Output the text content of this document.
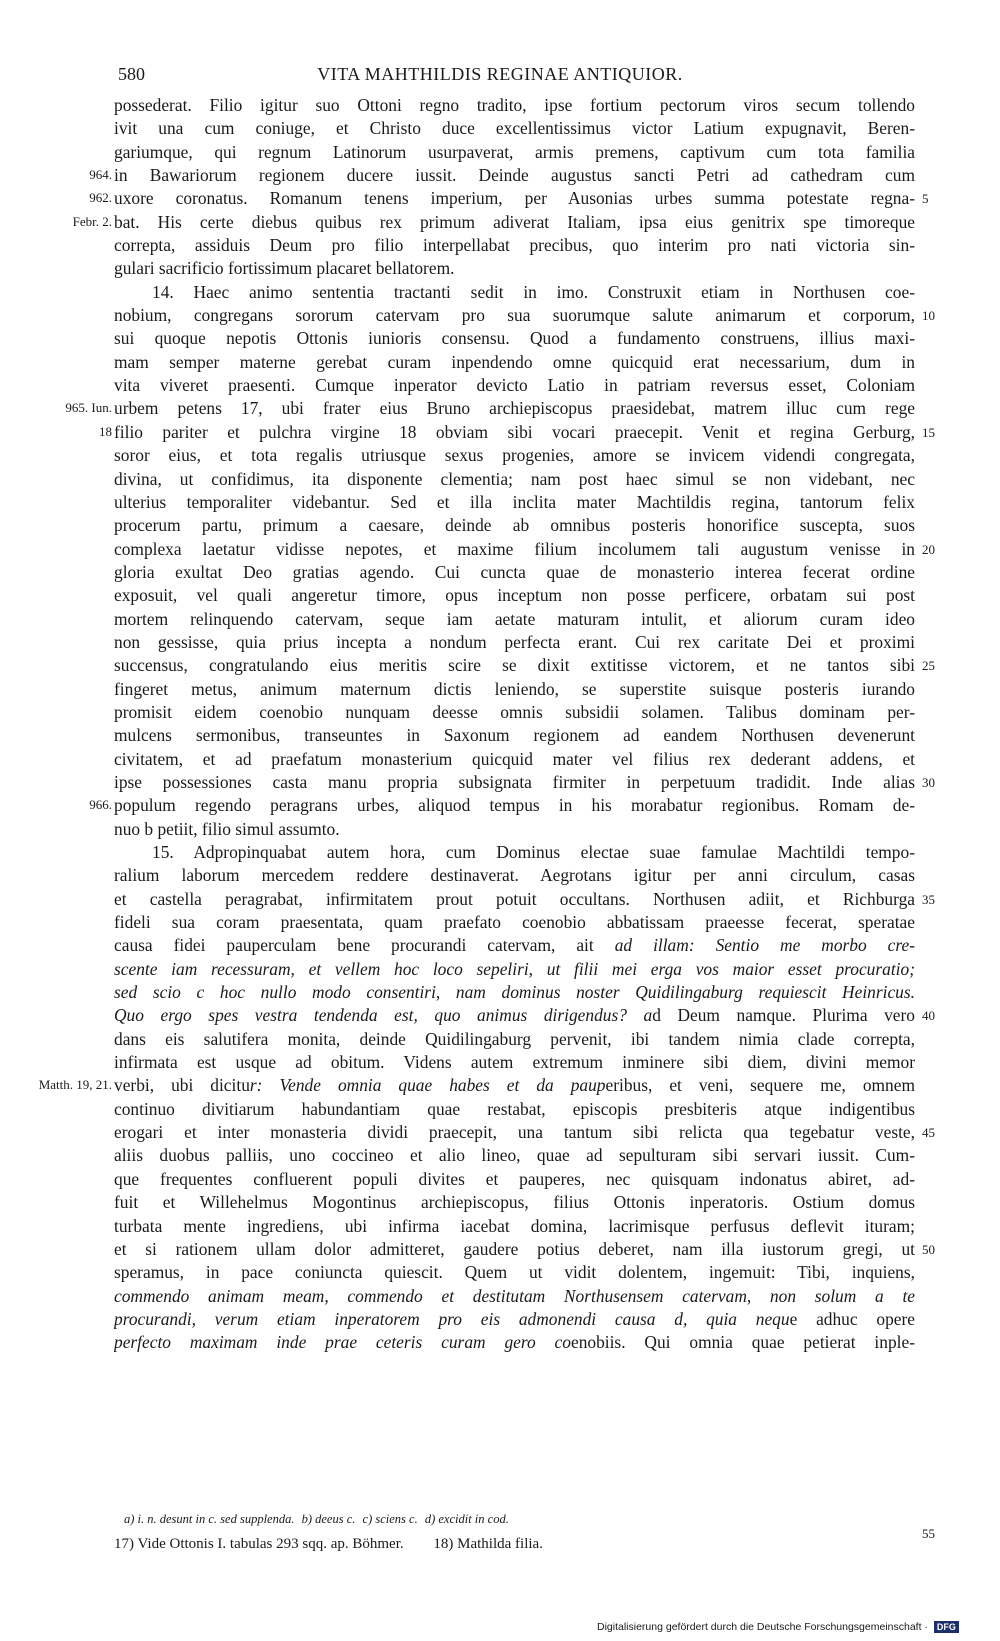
580	VITA MAHTHILDIS REGINAE ANTIQUIOR.
possederat. Filio igitur suo Ottoni regno tradito, ipse fortium pectorum viros secum tollendo
ivit una cum coniuge, et Christo duce excellentissimus victor Latium expugnavit, Beren-
gariumque, qui regnum Latinorum usurpaverat, armis premens, captivum cum tota familia
964. in Bawariorum regionem ducere iussit. Deinde augustus sancti Petri ad cathedram cum
962. uxore coronatus. Romanum tenens imperium, per Ausonias urbes summa potestate regna- 5
Febr. 2. bat. His certe diebus quibus rex primum adiverat Italiam, ipsa eius genitrix spe timoreque
correpta, assiduis Deum pro filio interpellabat precibus, quo interim pro nati victoria sin-
gulari sacrificio fortissimum placaret bellatorem.
14. Haec animo sententia tractanti sedit in imo. Construxit etiam in Northusen coe-
nobium, congregans sororum catervam pro sua suorumque salute animarum et corporum, 10
sui quoque nepotis Ottonis iunioris consensu. Quod a fundamento construens, illius maxi-
mam semper materne gerebat curam inpendendo omne quicquid erat necessarium, dum in
vita viveret praesenti. Cumque inperator devicto Latio in patriam reversus esset, Coloniam
965. Iun. urbem petens 17, ubi frater eius Bruno archiepiscopus praesidebat, matrem illuc cum rege
18 filio pariter et pulchra virgine 18 obviam sibi vocari praecepit. Venit et regina Gerburg, 15
soror eius, et tota regalis utriusque sexus progenies, amore se invicem videndi congregata,
divina, ut confidimus, ita disponente clementia; nam post haec simul se non videbant, nec
ulterius temporaliter videbantur. Sed et illa inclita mater Machtildis regina, tantorum felix
procerum partu, primum a caesare, deinde ab omnibus posteris honorifice suscepta, suos
complexa laetatur vidisse nepotes, et maxime filium incolumem tali augustum venisse in 20
gloria exultat Deo gratias agendo. Cui cuncta quae de monasterio interea fecerat ordine
exposuit, vel quali angeretur timore, opus inceptum non posse perficere, orbatam sui post
mortem relinquendo catervam, seque iam aetate maturam intulit, et aliorum curam ideo
non gessisse, quia prius incepta a nondum perfecta erant. Cui rex caritate Dei et proximi
succensus, congratulando eius meritis scire se dixit extitisse victorem, et ne tantos sibi 25
fingeret metus, animum maternum dictis leniendo, se superstite suisque posteris iurando
promisit eidem coenobio nunquam deesse omnis subsidii solamen. Talibus dominam per-
mulcens sermonibus, transeuntes in Saxonum regionem ad eandem Northusen devenerunt
civitatem, et ad praefatum monasterium quicquid mater vel filius rex dederant addens, et
ipse possessiones casta manu propria subsignata firmiter in perpetuum tradidit. Inde alias 30
966. populum regendo peragrans urbes, aliquod tempus in his morabatur regionibus. Romam de-
nuo b petiit, filio simul assumto.
15. Adpropinquabat autem hora, cum Dominus electae suae famulae Machtildi tempo-
ralium laborum mercedem reddere destinaverat. Aegrotans igitur per anni circulum, casas
et castella peragrabat, infirmitatem prout potuit occultans. Northusen adiit, et Richburga 35
fideli sua coram praesentata, quam praefato coenobio abbatissam praeesse fecerat, speratae
causa fidei pauperculam bene procurandi catervam, ait ad illam: Sentio me morbo cre-
scente iam recessuram, et vellem hoc loco sepeliri, ut filii mei erga vos maior esset procuratio;
sed scio c hoc nullo modo consentiri, nam dominus noster Quidilingaburg requiescit Heinricus.
Quo ergo spes vestra tendenda est, quo animus dirigendus? ad Deum namque. Plurima vero 40
dans eis salutifera monita, deinde Quidilingaburg pervenit, ibi tandem nimia clade correpta,
infirmata est usque ad obitum. Videns autem extremum inminere sibi diem, divini memor
Matth. 19, 21. verbi, ubi dicitur: Vende omnia quae habes et da pauperibus, et veni, sequere me, omnem
continuo divitiarum habundantiam quae restabat, episcopis presbiteris atque indigentibus
erogari et inter monasteria dividi praecepit, una tantum sibi relicta qua tegebatur veste, 45
aliis duobus palliis, uno coccineo et alio lineo, quae ad sepulturam sibi servari iussit. Cum-
que frequentes confluerent populi divites et pauperes, nec quisquam indonatus abiret, ad-
fuit et Willehelmus Mogontinus archiepiscopus, filius Ottonis inperatoris. Ostium domus
turbata mente ingrediens, ubi infirma iacebat domina, lacrimisque perfusus deflevit ituram;
et si rationem ullam dolor admitteret, gaudere potius deberet, nam illa iustorum gregi, ut 50
speramus, in pace coniuncta quiescit. Quem ut vidit dolentem, ingemuit: Tibi, inquiens,
commendo animam meam, commendo et destitutam Northusensem catervam, non solum a te
procurandi, verum etiam inperatorem pro eis admonendi causa d, quia neque adhuc opere
perfecto maximam inde prae ceteris curam gero coenobiis. Qui omnia quae petierat inple-
a) i. n. desunt in c. sed supplenda. b) deeus c. c) sciens c. d) excidit in cod.
55
17) Vide Ottonis I. tabulas 293 sqq. ap. Böhmer. 18) Mathilda filia.
Digitalisierung gefördert durch die Deutsche Forschungsgemeinschaft · DFG
